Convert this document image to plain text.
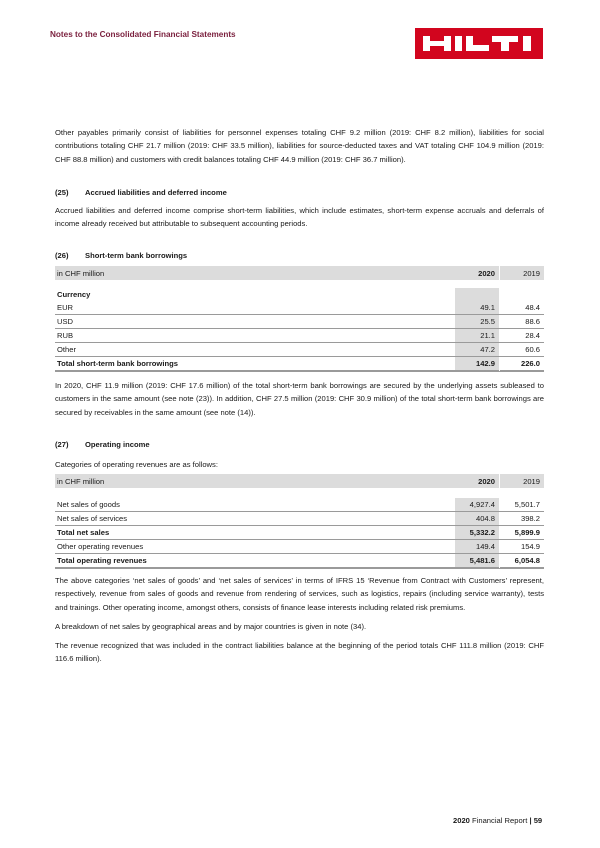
Notes to the Consolidated Financial Statements

Other payables primarily consist of liabilities for personnel expenses totaling CHF 9.2 million (2019: CHF 8.2 million), liabilities for social contributions totaling CHF 21.7 million (2019: CHF 33.5 million), liabilities for source-deducted taxes and VAT totaling CHF 104.9 million (2019: CHF 88.8 million) and customers with credit balances totaling CHF 44.9 million (2019: CHF 36.7 million).

(25) Accrued liabilities and deferred income

Accrued liabilities and deferred income comprise short-term liabilities, which include estimates, short-term expense accruals and deferrals of income already received but attributable to subsequent accounting periods.

(26) Short-term bank borrowings
in CHF million	2020		2019

Currency			
EUR	49.1		48.4
USD	25.5		88.6
RUB	21.1		28.4
Other	47.2		60.6
Total short-term bank borrowings	142.9		226.0

In 2020, CHF 11.9 million (2019: CHF 17.6 million) of the total short-term bank borrowings are secured by the underlying assets subleased to customers in the same amount (see note (23)). In addition, CHF 27.5 million (2019: CHF 30.9 million) of the total short-term bank borrowings are secured by receivables in the same amount (see note (14)).

(27) Operating income

Categories of operating revenues are as follows:

in CHF million	2020		2019

Net sales of goods	4,927.4		5,501.7
Net sales of services	404.8		398.2
Total net sales	5,332.2		5,899.9
Other operating revenues	149.4		154.9
Total operating revenues	5,481.6		6,054.8

The above categories ‘net sales of goods’ and ‘net sales of services’ in terms of IFRS 15 ‘Revenue from Contract with Customers’ represent, respectively, revenue from sales of goods and revenue from rendering of services, such as logistics, repairs (including service warranty), tests and trainings. Other operating income, amongst others, consists of finance lease interests including related risk premiums.

A breakdown of net sales by geographical areas and by major countries is given in note (34).

The revenue recognized that was included in the contract liabilities balance at the beginning of the period totals CHF 111.8 million (2019: CHF 116.6 million).

2020 Financial Report | 59
